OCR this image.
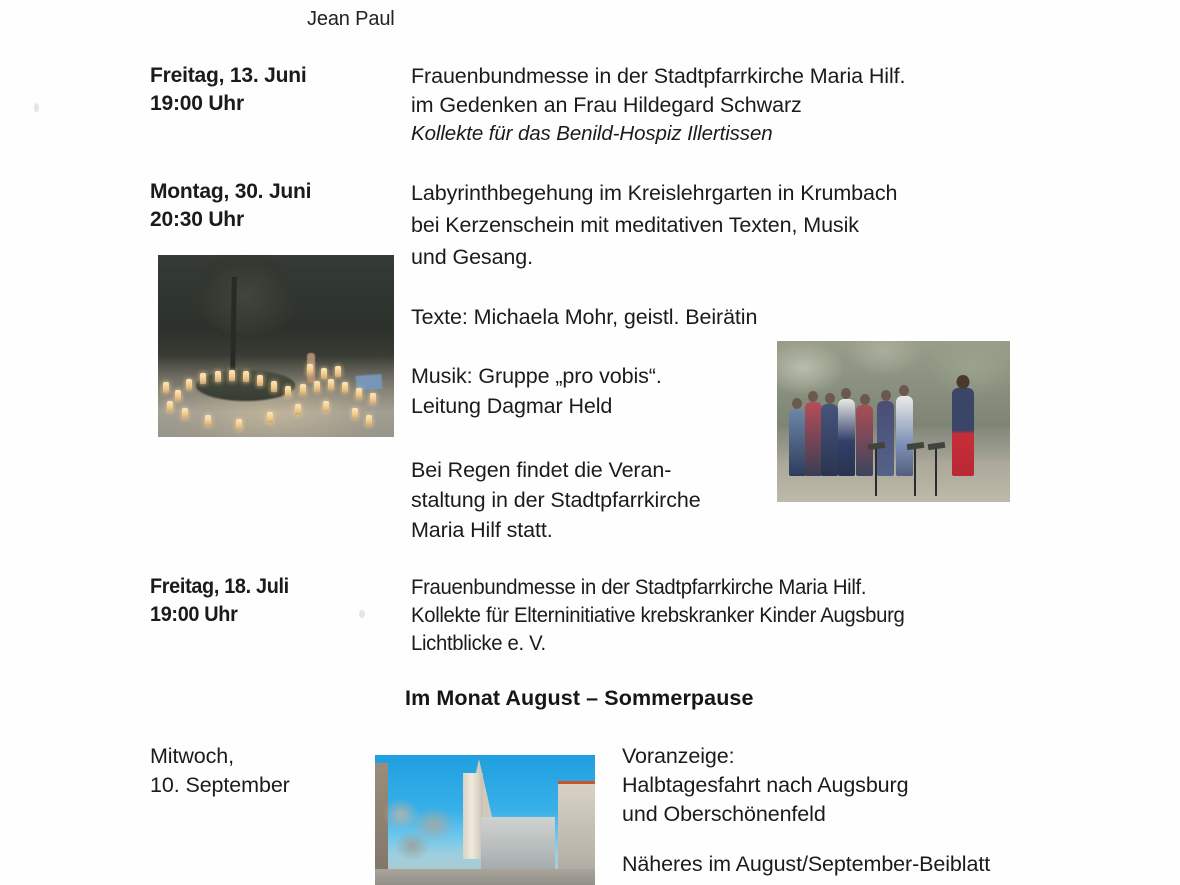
Jean Paul
Freitag, 13. Juni
19:00 Uhr
Frauenbundmesse in der Stadtpfarrkirche Maria Hilf.
im Gedenken an Frau Hildegard Schwarz
Kollekte für das Benild-Hospiz Illertissen
Montag, 30. Juni
20:30 Uhr
Labyrinthbegehung im Kreislehrgarten in Krumbach
bei Kerzenschein mit meditativen Texten, Musik
und Gesang.
Texte: Michaela Mohr, geistl. Beirätin
Musik: Gruppe „pro vobis“.
Leitung Dagmar Held
Bei Regen findet die Veran-
staltung in der Stadtpfarrkirche
Maria Hilf statt.
Freitag, 18. Juli
19:00 Uhr
Frauenbundmesse in der Stadtpfarrkirche Maria Hilf.
Kollekte für Elterninitiative krebskranker Kinder Augsburg
Lichtblicke e. V.
Im Monat August – Sommerpause
Mitwoch,
10. September
Voranzeige:
Halbtagesfahrt nach Augsburg
und Oberschönenfeld
Näheres im August/September-Beiblatt
